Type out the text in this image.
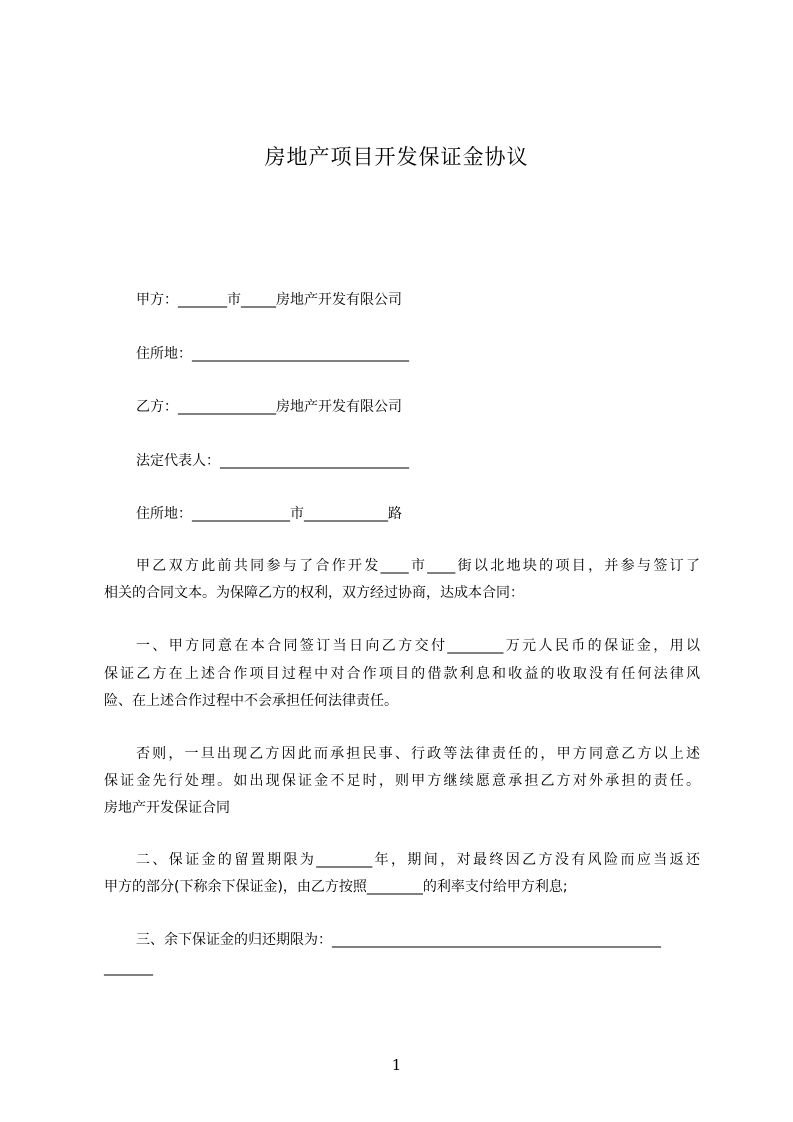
房地产项目开发保证金协议
甲方：_______市_____房地产开发有限公司
住所地：_______________________________
乙方：______________房地产开发有限公司
法定代表人：___________________________
住所地：______________市____________路
甲乙双方此前共同参与了合作开发____市____街以北地块的项目，并参与签订了
相关的合同文本。为保障乙方的权利，双方经过协商，达成本合同：
一、甲方同意在本合同签订当日向乙方交付________万元人民币的保证金，用以
保证乙方在上述合作项目过程中对合作项目的借款利息和收益的收取没有任何法律风
险、在上述合作过程中不会承担任何法律责任。
否则，一旦出现乙方因此而承担民事、行政等法律责任的，甲方同意乙方以上述
保证金先行处理。如出现保证金不足时，则甲方继续愿意承担乙方对外承担的责任。
房地产开发保证合同
二、保证金的留置期限为________年，期间，对最终因乙方没有风险而应当返还
甲方的部分(下称余下保证金)，由乙方按照________的利率支付给甲方利息;
三、余下保证金的归还期限为：_______________________________________________
_______
1
